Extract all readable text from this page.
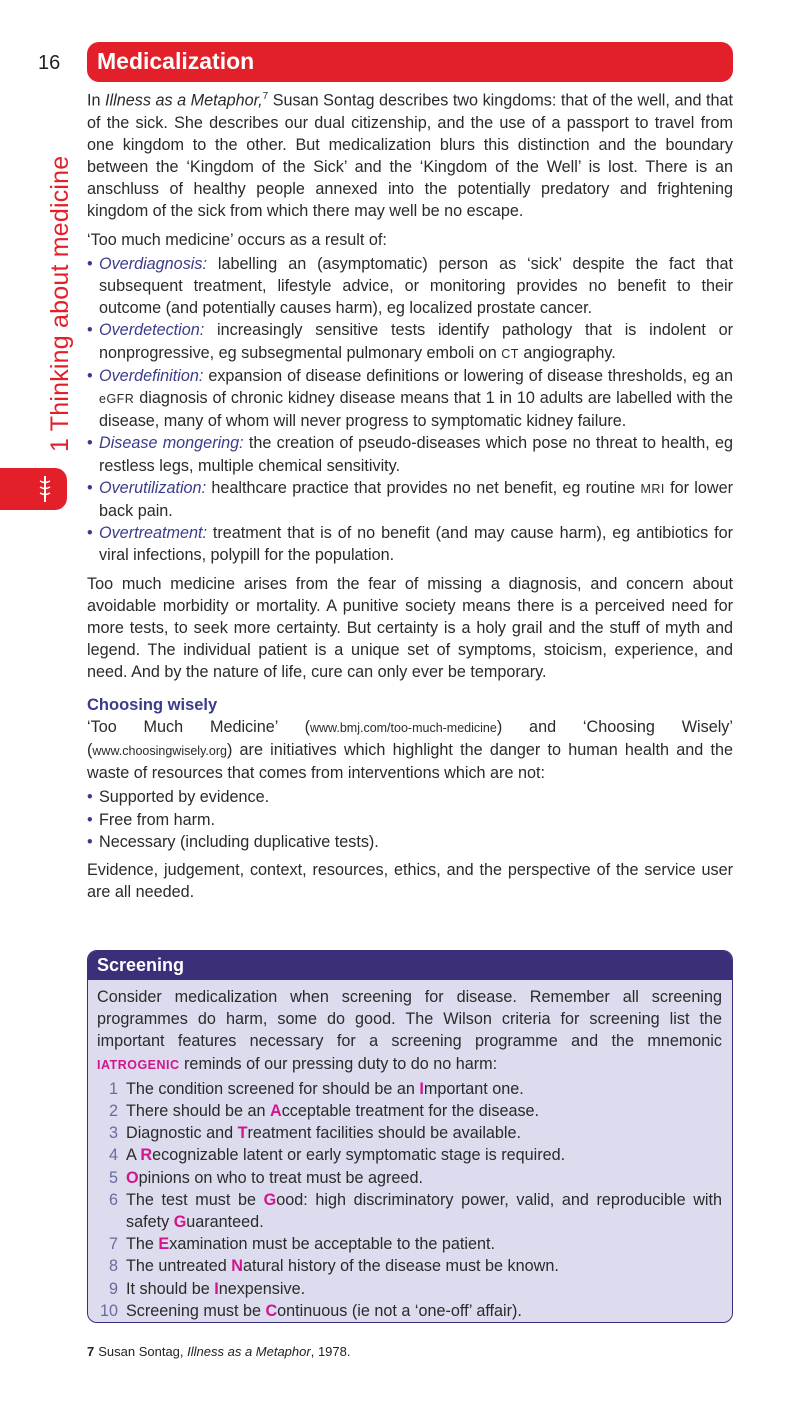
16
1 Thinking about medicine
Medicalization

In Illness as a Metaphor,$^7$ Susan Sontag describes two kingdoms: that of the well, and that of the sick. She describes our dual citizenship, and the use of a passport to travel from one kingdom to the other. But medicalization blurs this distinction and the boundary between the ‘Kingdom of the Sick’ and the ‘Kingdom of the Well’ is lost. There is an anschluss of healthy people annexed into the potentially predatory and frightening kingdom of the sick from which there may well be no escape.

‘Too much medicine’ occurs as a result of:

• Overdiagnosis: labelling an (asymptomatic) person as ‘sick’ despite the fact that subsequent treatment, lifestyle advice, or monitoring provides no benefit to their outcome (and potentially causes harm), eg localized prostate cancer.
• Overdetection: increasingly sensitive tests identify pathology that is indolent or nonprogressive, eg subsegmental pulmonary emboli on CT angiography.
• Overdefinition: expansion of disease definitions or lowering of disease thresholds, eg an eGFR diagnosis of chronic kidney disease means that 1 in 10 adults are labelled with the disease, many of whom will never progress to symptomatic kidney failure.
• Disease mongering: the creation of pseudo-diseases which pose no threat to health, eg restless legs, multiple chemical sensitivity.
• Overutilization: healthcare practice that provides no net benefit, eg routine MRI for lower back pain.
• Overtreatment: treatment that is of no benefit (and may cause harm), eg antibiotics for viral infections, polypill for the population.

Too much medicine arises from the fear of missing a diagnosis, and concern about avoidable morbidity or mortality. A punitive society means there is a perceived need for more tests, to seek more certainty. But certainty is a holy grail and the stuff of myth and legend. The individual patient is a unique set of symptoms, stoicism, experience, and need. And by the nature of life, cure can only ever be temporary.

Choosing wisely

‘Too Much Medicine’ (www.bmj.com/too-much-medicine) and ‘Choosing Wisely’ (www.choosingwisely.org) are initiatives which highlight the danger to human health and the waste of resources that comes from interventions which are not:

• Supported by evidence.
• Free from harm.
• Necessary (including duplicative tests).

Evidence, judgement, context, resources, ethics, and the perspective of the service user are all needed.

Screening

Consider medicalization when screening for disease. Remember all screening programmes do harm, some do good. The Wilson criteria for screening list the important features necessary for a screening programme and the mnemonic IATROGENIC reminds of our pressing duty to do no harm:

1 The condition screened for should be an Important one.
2 There should be an Acceptable treatment for the disease.
3 Diagnostic and Treatment facilities should be available.
4 A Recognizable latent or early symptomatic stage is required.
5 Opinions on who to treat must be agreed.
6 The test must be Good: high discriminatory power, valid, and reproducible with safety Guaranteed.
7 The Examination must be acceptable to the patient.
8 The untreated Natural history of the disease must be known.
9 It should be Inexpensive.
10 Screening must be Continuous (ie not a ‘one-off’ affair).
7 Susan Sontag, Illness as a Metaphor, 1978.
